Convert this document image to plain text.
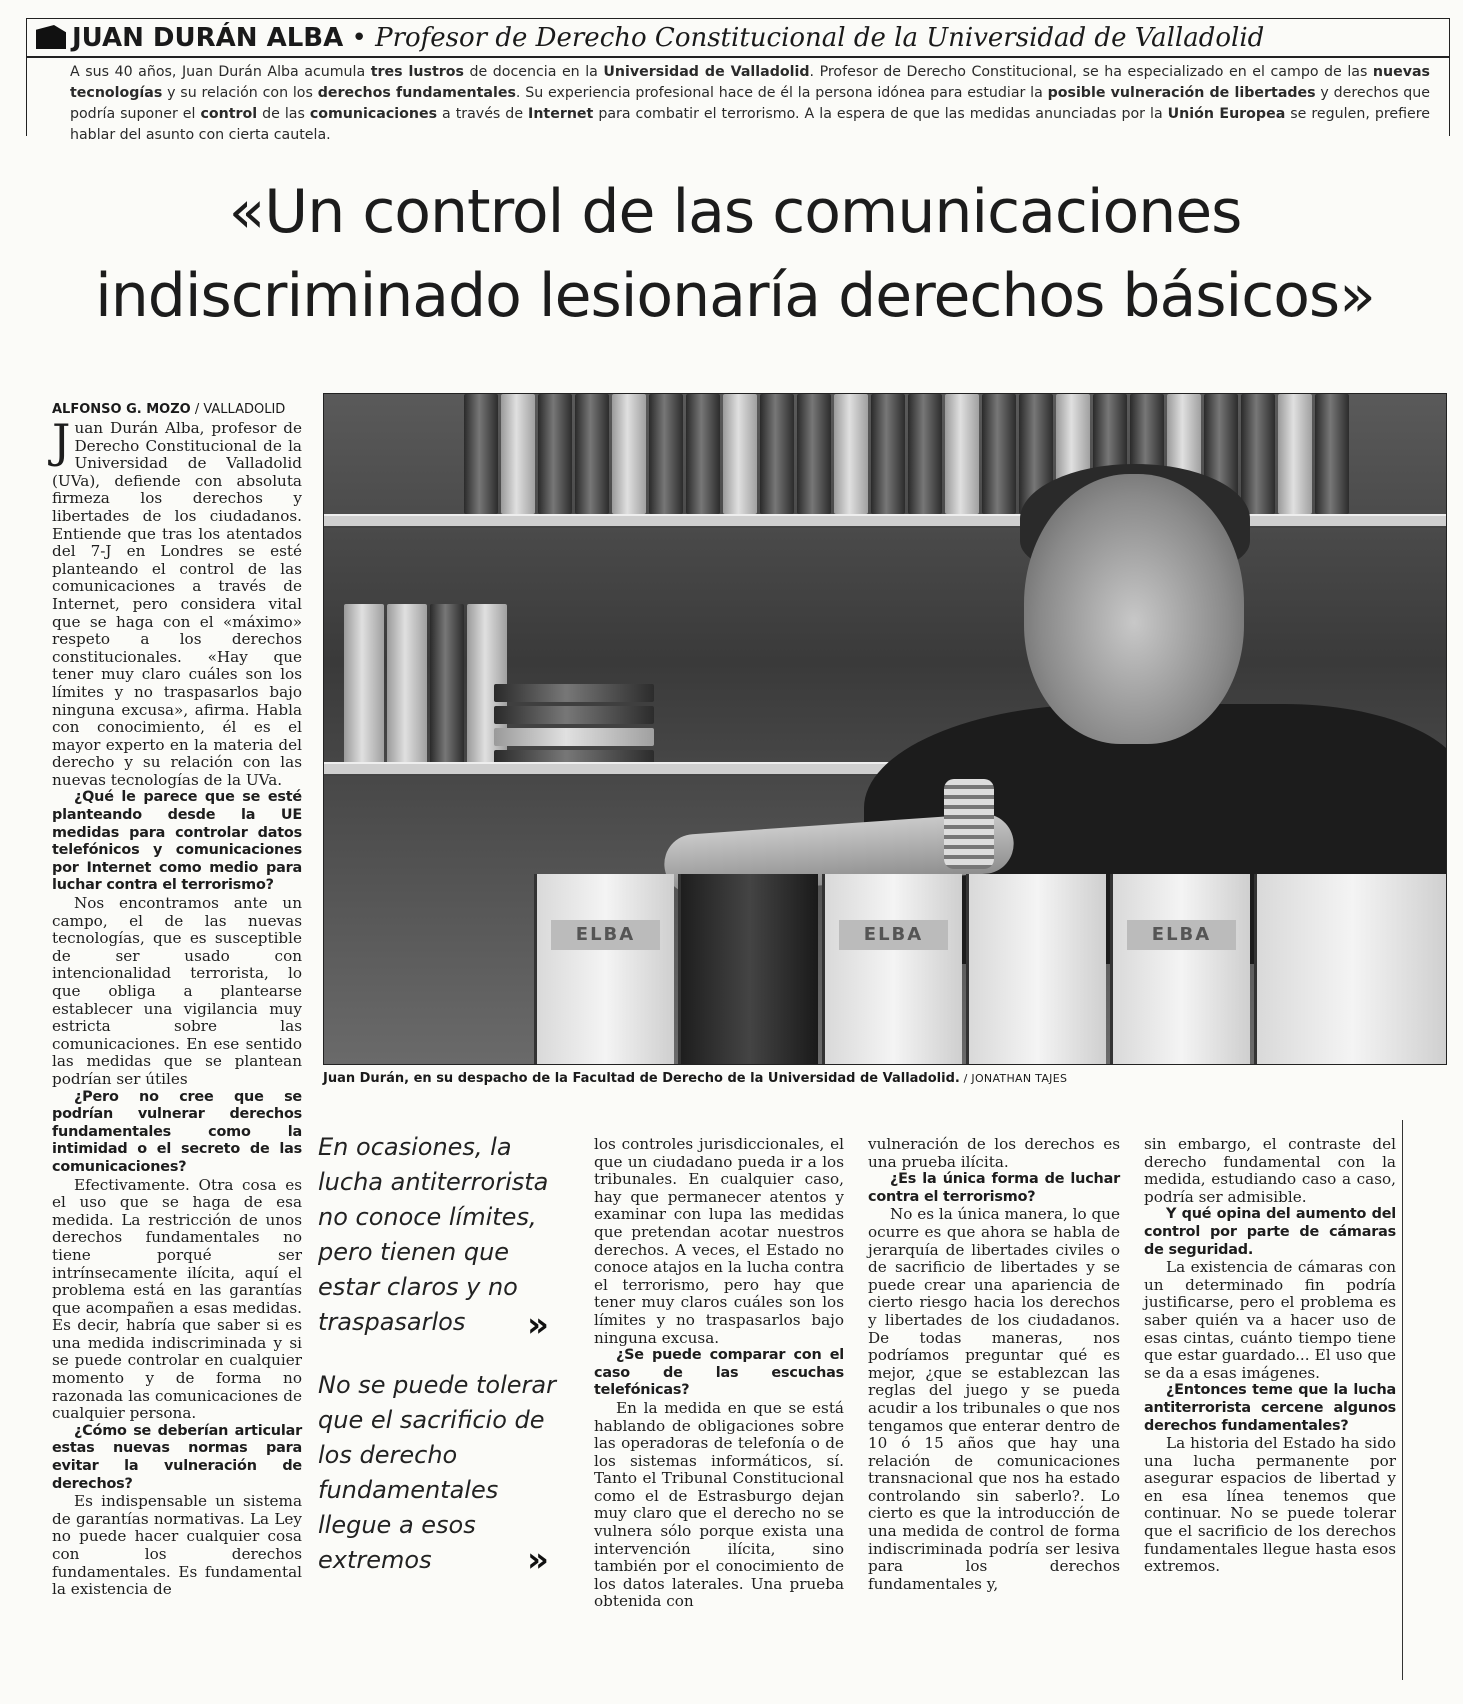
JUAN DURÁN ALBA • Profesor de Derecho Constitucional de la Universidad de Valladolid
A sus 40 años, Juan Durán Alba acumula tres lustros de docencia en la Universidad de Valladolid. Profesor de Derecho Constitucional, se ha especializado en el campo de las nuevas tecnologías y su relación con los derechos fundamentales. Su experiencia profesional hace de él la persona idónea para estudiar la posible vulneración de libertades y derechos que podría suponer el control de las comunicaciones a través de Internet para combatir el terrorismo. A la espera de que las medidas anunciadas por la Unión Europea se regulen, prefiere hablar del asunto con cierta cautela.
«Un control de las comunicaciones
indiscriminado lesionaría derechos básicos»
ALFONSO G. MOZO / VALLADOLID

Juan Durán Alba, profesor de Derecho Constitucional de la Universidad de Valladolid (UVa), defiende con absoluta firmeza los derechos y libertades de los ciudadanos. Entiende que tras los atentados del 7-J en Londres se esté planteando el control de las comunicaciones a través de Internet, pero considera vital que se haga con el «máximo» respeto a los derechos constitucionales. «Hay que tener muy claro cuáles son los límites y no traspasarlos bajo ninguna excusa», afirma. Habla con conocimiento, él es el mayor experto en la materia del derecho y su relación con las nuevas tecnologías de la UVa.

¿Qué le parece que se esté planteando desde la UE medidas para controlar datos telefónicos y comunicaciones por Internet como medio para luchar contra el terrorismo?

Nos encontramos ante un campo, el de las nuevas tecnologías, que es susceptible de ser usado con intencionalidad terrorista, lo que obliga a plantearse establecer una vigilancia muy estricta sobre las comunicaciones. En ese sentido las medidas que se plantean podrían ser útiles

¿Pero no cree que se podrían vulnerar derechos fundamentales como la intimidad o el secreto de las comunicaciones?

Efectivamente. Otra cosa es el uso que se haga de esa medida. La restricción de unos derechos fundamentales no tiene porqué ser intrínsecamente ilícita, aquí el problema está en las garantías que acompañen a esas medidas. Es decir, habría que saber si es una medida indiscriminada y si se puede controlar en cualquier momento y de forma no razonada las comunicaciones de cualquier persona.

¿Cómo se deberían articular estas nuevas normas para evitar la vulneración de derechos?

Es indispensable un sistema de garantías normativas. La Ley no puede hacer cualquier cosa con los derechos fundamentales. Es fundamental la existencia de

ELBA	ELBA	ELBA
Juan Durán, en su despacho de la Facultad de Derecho de la Universidad de Valladolid. / JONATHAN TAJES
En ocasiones, la lucha antiterrorista no conoce límites, pero tienen que estar claros y no traspasarlos	»
No se puede tolerar que el sacrificio de los derecho fundamentales llegue a esos extremos	»

los controles jurisdiccionales, el que un ciudadano pueda ir a los tribunales. En cualquier caso, hay que permanecer atentos y examinar con lupa las medidas que pretendan acotar nuestros derechos. A veces, el Estado no conoce atajos en la lucha contra el terrorismo, pero hay que tener muy claros cuáles son los límites y no traspasarlos bajo ninguna excusa.

¿Se puede comparar con el caso de las escuchas telefónicas?

En la medida en que se está hablando de obligaciones sobre las operadoras de telefonía o de los sistemas informáticos, sí. Tanto el Tribunal Constitucional como el de Estrasburgo dejan muy claro que el derecho no se vulnera sólo porque exista una intervención ilícita, sino también por el conocimiento de los datos laterales. Una prueba obtenida con

vulneración de los derechos es una prueba ilícita.

¿Es la única forma de luchar contra el terrorismo?

No es la única manera, lo que ocurre es que ahora se habla de jerarquía de libertades civiles o de sacrificio de libertades y se puede crear una apariencia de cierto riesgo hacia los derechos y libertades de los ciudadanos. De todas maneras, nos podríamos preguntar qué es mejor, ¿que se establezcan las reglas del juego y se pueda acudir a los tribunales o que nos tengamos que enterar dentro de 10 ó 15 años que hay una relación de comunicaciones transnacional que nos ha estado controlando sin saberlo?. Lo cierto es que la introducción de una medida de control de forma indiscriminada podría ser lesiva para los derechos fundamentales y,

sin embargo, el contraste del derecho fundamental con la medida, estudiando caso a caso, podría ser admisible.

Y qué opina del aumento del control por parte de cámaras de seguridad.

La existencia de cámaras con un determinado fin podría justificarse, pero el problema es saber quién va a hacer uso de esas cintas, cuánto tiempo tiene que estar guardado... El uso que se da a esas imágenes.

¿Entonces teme que la lucha antiterrorista cercene algunos derechos fundamentales?

La historia del Estado ha sido una lucha permanente por asegurar espacios de libertad y en esa línea tenemos que continuar. No se puede tolerar que el sacrificio de los derechos fundamentales llegue hasta esos extremos.
